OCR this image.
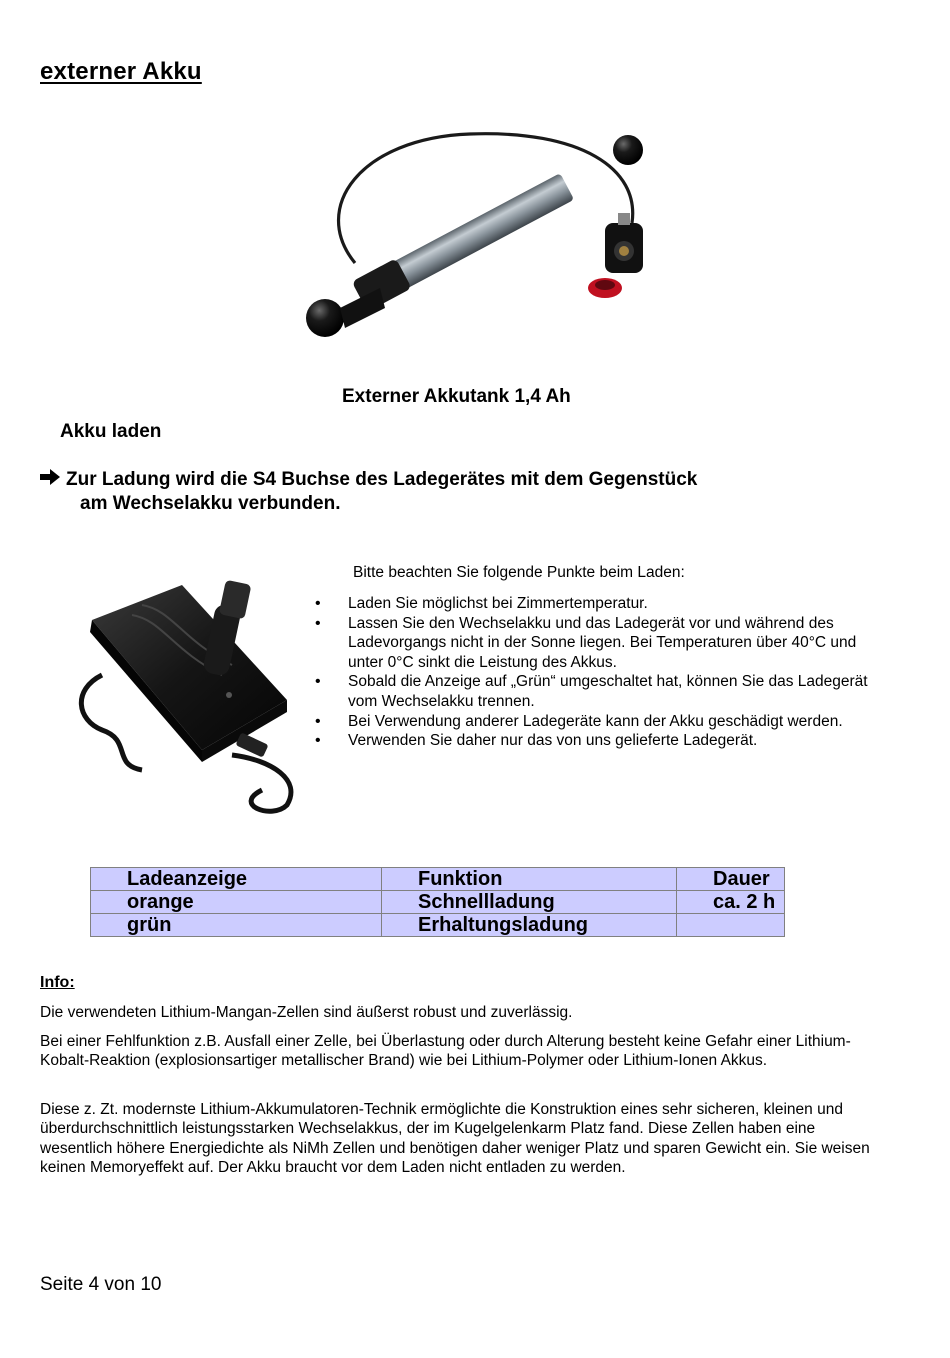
externer Akku
Externer Akkutank 1,4 Ah
Akku laden
Zur Ladung wird die S4 Buchse des Ladegerätes mit dem Gegenstück
am Wechselakku verbunden.
Bitte beachten Sie folgende Punkte beim Laden:
• Laden Sie möglichst bei Zimmertemperatur.
• Lassen Sie den Wechselakku und das Ladegerät vor und während des Ladevorgangs nicht in der Sonne liegen. Bei Temperaturen über 40°C und unter 0°C sinkt die Leistung des Akkus.
• Sobald die Anzeige auf „Grün“ umgeschaltet hat, können Sie das Ladegerät vom Wechselakku trennen.
• Bei Verwendung anderer Ladegeräte kann der Akku geschädigt werden.
• Verwenden Sie daher nur das von uns gelieferte Ladegerät.
Ladeanzeige	Funktion	Dauer
orange	Schnellladung	ca. 2 h
grün	Erhaltungsladung	
Info:
Die verwendeten Lithium-Mangan-Zellen sind äußerst robust und zuverlässig.
Bei einer Fehlfunktion z.B. Ausfall einer Zelle, bei Überlastung oder durch Alterung besteht keine Gefahr einer Lithium-Kobalt-Reaktion (explosionsartiger metallischer Brand) wie bei Lithium-Polymer oder Lithium-Ionen Akkus.
Diese z. Zt. modernste Lithium-Akkumulatoren-Technik ermöglichte die Konstruktion eines sehr sicheren, kleinen und überdurchschnittlich leistungsstarken Wechselakkus, der im Kugelgelenkarm Platz fand. Diese Zellen haben eine wesentlich höhere Energiedichte als NiMh Zellen und benötigen daher weniger Platz und sparen Gewicht ein. Sie weisen keinen Memoryeffekt auf. Der Akku braucht vor dem Laden nicht entladen zu werden.
Seite 4 von 10
